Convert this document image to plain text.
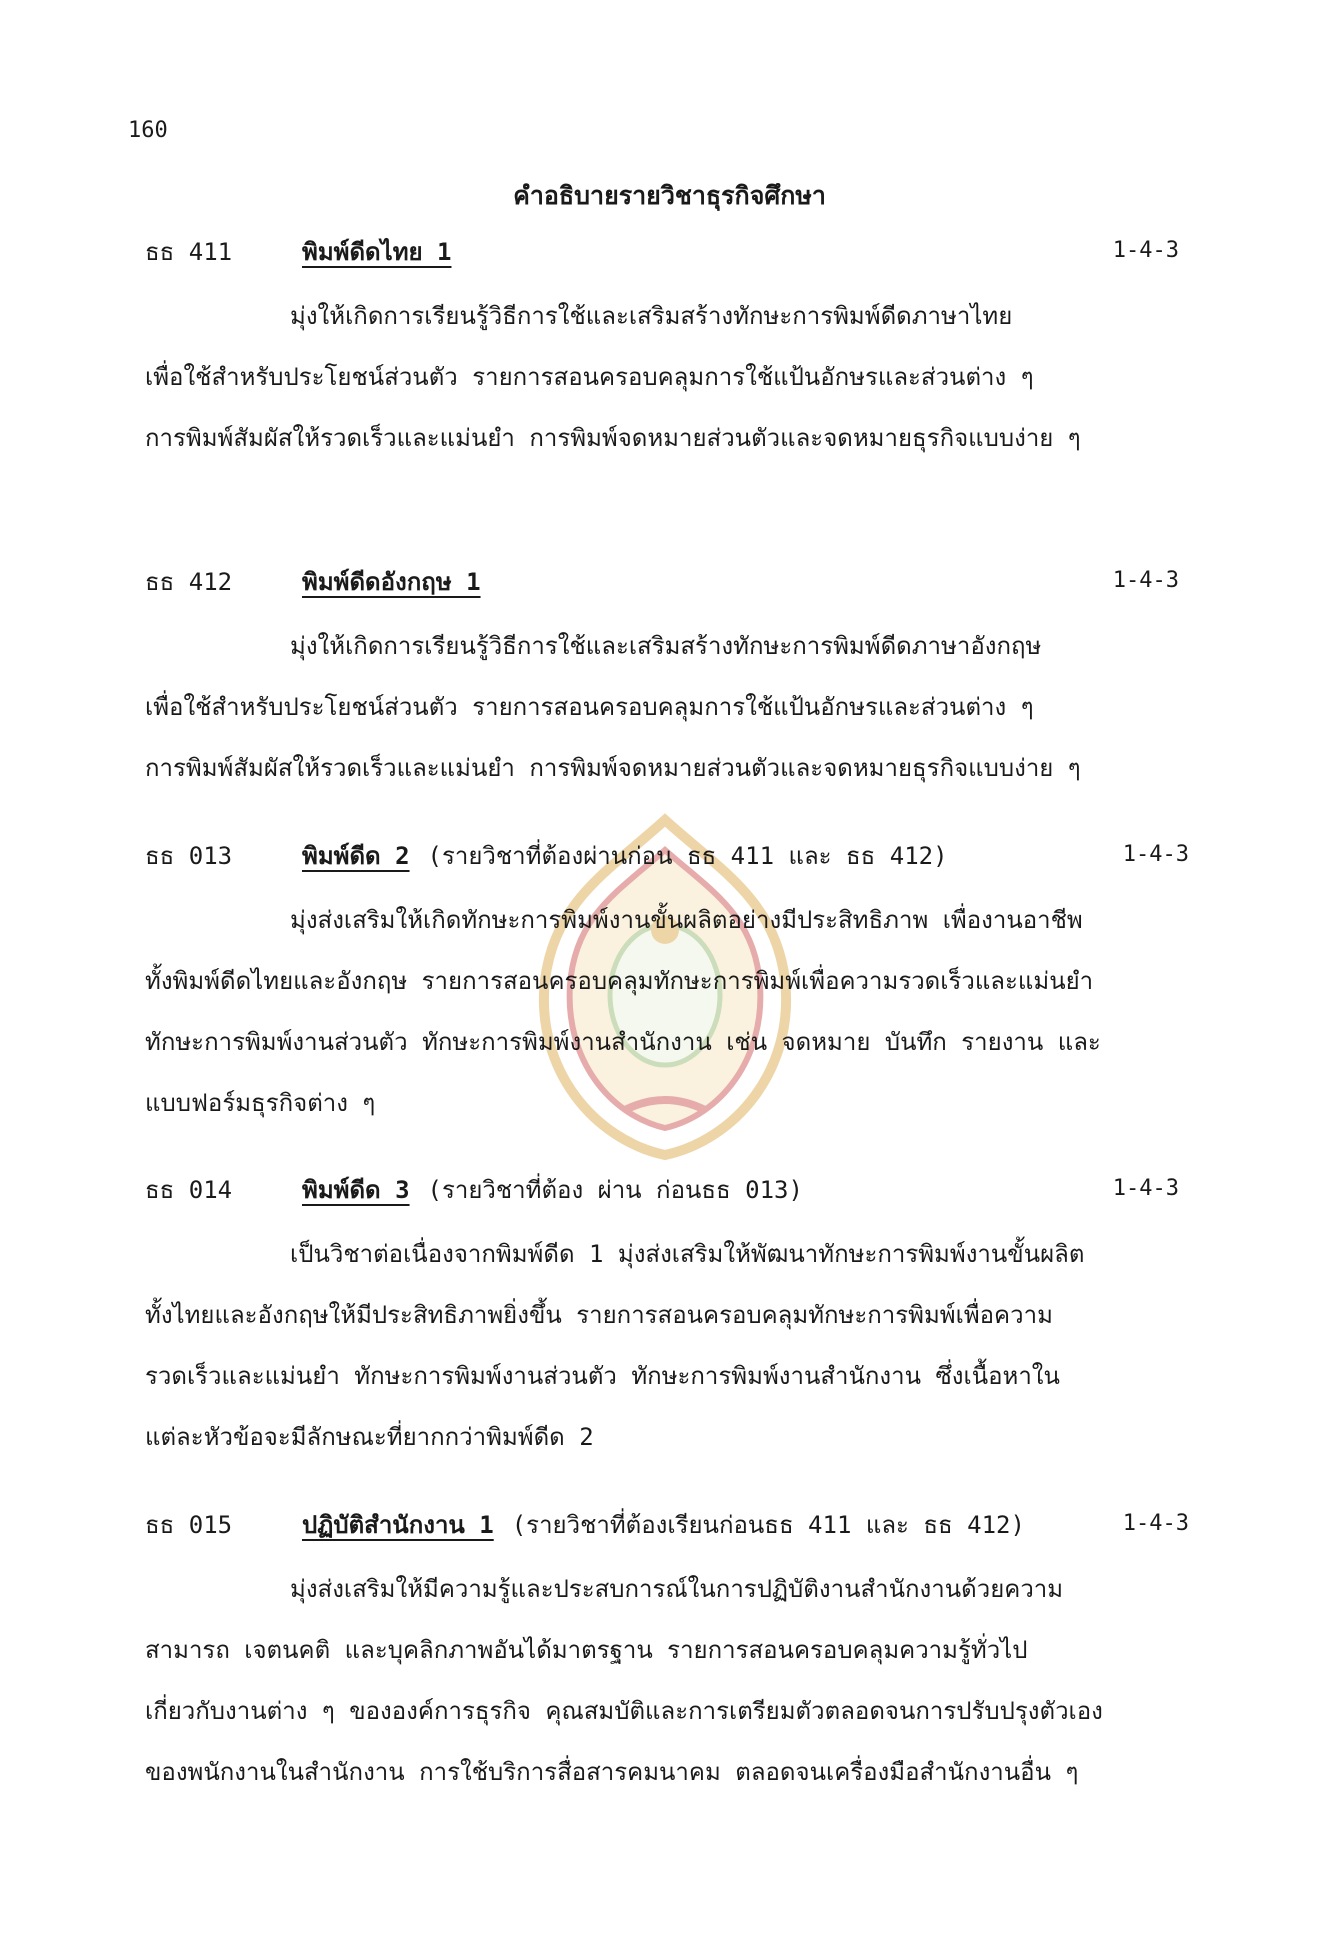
160
คำอธิบายรายวิชาธุรกิจศึกษา
ธธ 411	พิมพ์ดีดไทย 1	1-4-3
มุ่งให้เกิดการเรียนรู้วิธีการใช้และเสริมสร้างทักษะการพิมพ์ดีดภาษาไทย
เพื่อใช้สำหรับประโยชน์ส่วนตัว รายการสอนครอบคลุมการใช้แป้นอักษรและส่วนต่าง ๆ
การพิมพ์สัมผัสให้รวดเร็วและแม่นยำ การพิมพ์จดหมายส่วนตัวและจดหมายธุรกิจแบบง่าย ๆ
ธธ 412	พิมพ์ดีดอังกฤษ 1	1-4-3
มุ่งให้เกิดการเรียนรู้วิธีการใช้และเสริมสร้างทักษะการพิมพ์ดีดภาษาอังกฤษ
เพื่อใช้สำหรับประโยชน์ส่วนตัว รายการสอนครอบคลุมการใช้แป้นอักษรและส่วนต่าง ๆ
การพิมพ์สัมผัสให้รวดเร็วและแม่นยำ การพิมพ์จดหมายส่วนตัวและจดหมายธุรกิจแบบง่าย ๆ
ธธ 013	พิมพ์ดีด 2 (รายวิชาที่ต้องผ่านก่อน ธธ 411 และ ธธ 412)	1-4-3
มุ่งส่งเสริมให้เกิดทักษะการพิมพ์งานขั้นผลิตอย่างมีประสิทธิภาพ เพื่องานอาชีพ
ทั้งพิมพ์ดีดไทยและอังกฤษ รายการสอนครอบคลุมทักษะการพิมพ์เพื่อความรวดเร็วและแม่นยำ
ทักษะการพิมพ์งานส่วนตัว ทักษะการพิมพ์งานสำนักงาน เช่น จดหมาย บันทึก รายงาน และ
แบบฟอร์มธุรกิจต่าง ๆ
ธธ 014	พิมพ์ดีด 3 (รายวิชาที่ต้อง ผ่าน ก่อนธธ 013)	1-4-3
เป็นวิชาต่อเนื่องจากพิมพ์ดีด 1 มุ่งส่งเสริมให้พัฒนาทักษะการพิมพ์งานขั้นผลิต
ทั้งไทยและอังกฤษให้มีประสิทธิภาพยิ่งขึ้น รายการสอนครอบคลุมทักษะการพิมพ์เพื่อความ
รวดเร็วและแม่นยำ ทักษะการพิมพ์งานส่วนตัว ทักษะการพิมพ์งานสำนักงาน ซึ่งเนื้อหาใน
แต่ละหัวข้อจะมีลักษณะที่ยากกว่าพิมพ์ดีด 2
ธธ 015	ปฏิบัติสำนักงาน 1 (รายวิชาที่ต้องเรียนก่อนธธ 411 และ ธธ 412)	1-4-3
มุ่งส่งเสริมให้มีความรู้และประสบการณ์ในการปฏิบัติงานสำนักงานด้วยความ
สามารถ เจตนคติ และบุคลิกภาพอันได้มาตรฐาน รายการสอนครอบคลุมความรู้ทั่วไป
เกี่ยวกับงานต่าง ๆ ขององค์การธุรกิจ คุณสมบัติและการเตรียมตัวตลอดจนการปรับปรุงตัวเอง
ของพนักงานในสำนักงาน การใช้บริการสื่อสารคมนาคม ตลอดจนเครื่องมือสำนักงานอื่น ๆ
